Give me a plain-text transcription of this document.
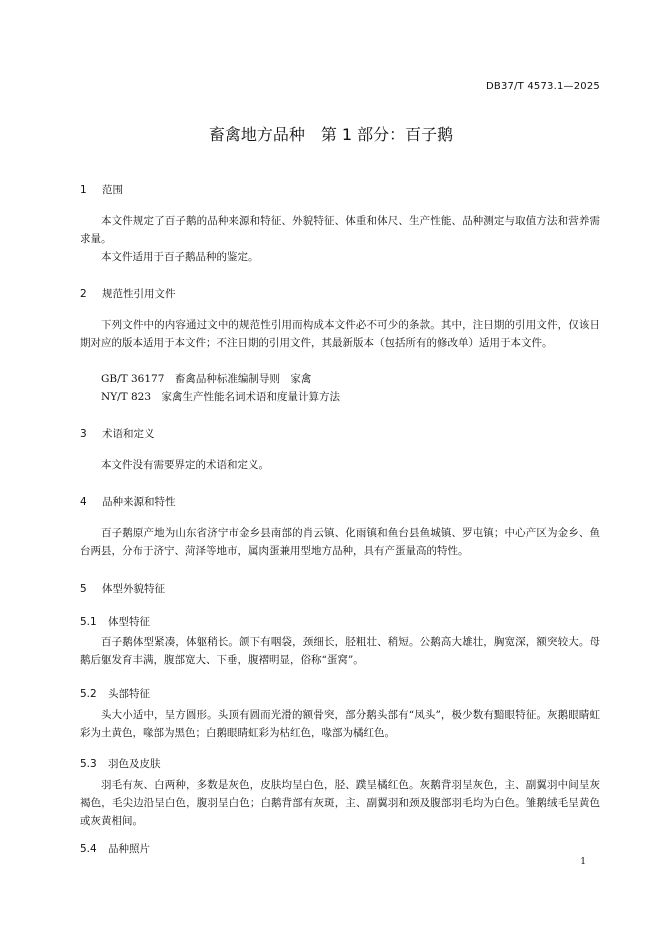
DB37/T 4573.1—2025
畜禽地方品种　第 1 部分：百子鹅
1 范围
本文件规定了百子鹅的品种来源和特征、外貌特征、体重和体尺、生产性能、品种测定与取值方法和营养需求量。
本文件适用于百子鹅品种的鉴定。
2 规范性引用文件
下列文件中的内容通过文中的规范性引用而构成本文件必不可少的条款。其中，注日期的引用文件，仅该日期对应的版本适用于本文件；不注日期的引用文件，其最新版本（包括所有的修改单）适用于本文件。
GB/T 36177　畜禽品种标准编制导则　家禽
NY/T 823　家禽生产性能名词术语和度量计算方法
3 术语和定义
本文件没有需要界定的术语和定义。
4 品种来源和特性
百子鹅原产地为山东省济宁市金乡县南部的肖云镇、化雨镇和鱼台县鱼城镇、罗屯镇；中心产区为金乡、鱼台两县，分布于济宁、菏泽等地市，属肉蛋兼用型地方品种，具有产蛋量高的特性。
5 体型外貌特征
5.1 体型特征
百子鹅体型紧凑，体躯稍长。颌下有咽袋，颈细长，胫粗壮、稍短。公鹅高大雄壮，胸宽深，额突较大。母鹅后躯发育丰满，腹部宽大、下垂，腹褶明显，俗称“蛋窝”。
5.2 头部特征
头大小适中，呈方圆形。头顶有圆而光滑的额骨突，部分鹅头部有“凤头”，极少数有黯眼特征。灰鹅眼睛虹彩为土黄色，喙部为黑色；白鹅眼睛虹彩为枯红色，喙部为橘红色。
5.3 羽色及皮肤
羽毛有灰、白两种，多数是灰色，皮肤均呈白色，胫、蹼呈橘红色。灰鹅背羽呈灰色，主、副翼羽中间呈灰褐色，毛尖边沿呈白色，腹羽呈白色；白鹅背部有灰斑，主、副翼羽和颈及腹部羽毛均为白色。雏鹅绒毛呈黄色或灰黄相间。
5.4 品种照片
1
